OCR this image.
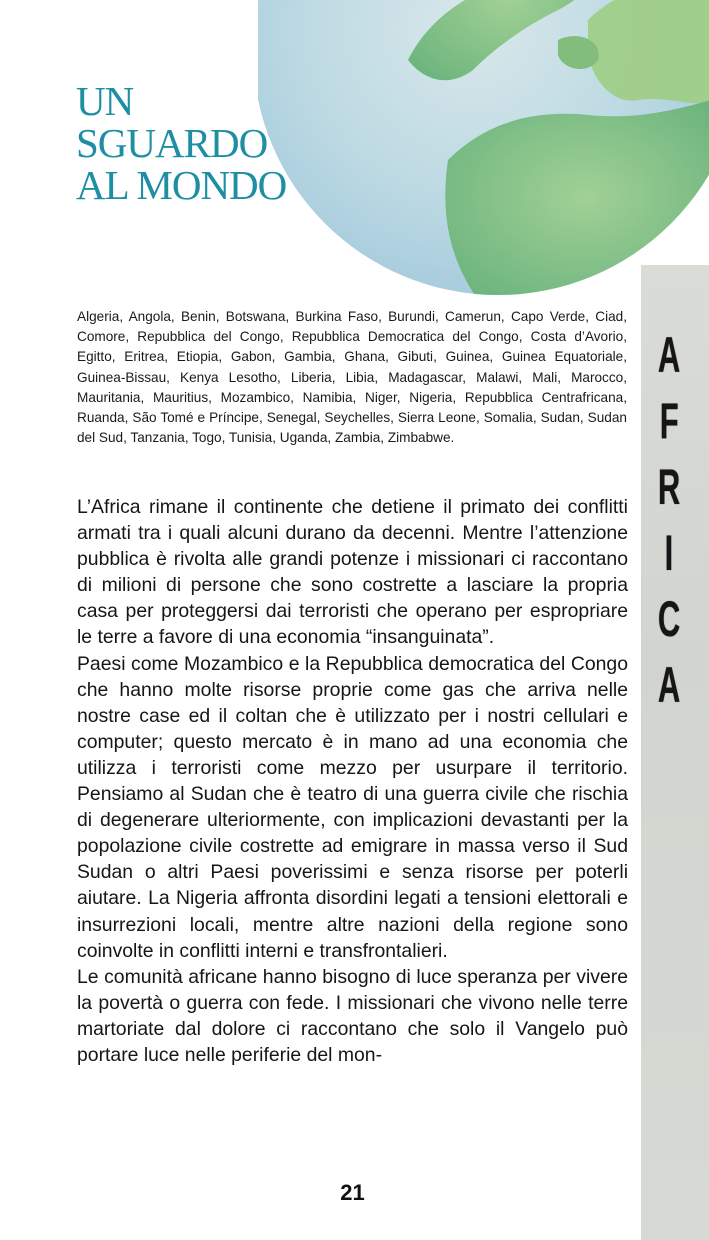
A
F
R
I
C
A
UN
SGUARDO
AL MONDO

Algeria, Angola, Benin, Botswana, Burkina Faso, Burundi, Camerun, Capo Verde, Ciad, Comore, Repubblica del Congo, Repubblica Democratica del Congo, Costa d’Avorio, Egitto, Eritrea, Etiopia, Gabon, Gambia, Ghana, Gibuti, Guinea, Guinea Equatoriale, Guinea-Bissau, Kenya Lesotho, Liberia, Libia, Madagascar, Malawi, Mali, Marocco, Mauritania, Mauritius, Mozambico, Namibia, Niger, Nigeria, Repubblica Centrafricana, Ruanda, São Tomé e Príncipe, Senegal, Seychelles, Sierra Leone, Somalia, Sudan, Sudan del Sud, Tanzania, Togo, Tunisia, Uganda, Zambia, Zimbabwe.

L’Africa rimane il continente che detiene il primato dei conflitti armati tra i quali alcuni durano da decenni. Mentre l’attenzione pubblica è rivolta alle grandi potenze i missionari ci raccontano di milioni di persone che sono costrette a lasciare la propria casa per proteggersi dai terroristi che operano per espropriare le terre a favore di una economia “insanguinata”.

Paesi come Mozambico e la Repubblica democratica del Congo che hanno molte risorse proprie come gas che arriva nelle nostre case ed il coltan che è utilizzato per i nostri cellulari e computer; questo mercato è in mano ad una economia che utilizza i terroristi come mezzo per usurpare il territorio. Pensiamo al Sudan che è teatro di una guerra civile che rischia di degenerare ulteriormente, con implicazioni devastanti per la popolazione civile costrette ad emigrare in massa verso il Sud Sudan o altri Paesi poverissimi e senza risorse per poterli aiutare. La Nigeria affronta disordini legati a tensioni elettorali e insurrezioni locali, mentre altre nazioni della regione sono coinvolte in conflitti interni e transfrontalieri.

Le comunità africane hanno bisogno di luce speranza per vivere la povertà o guerra con fede. I missionari che vivono nelle terre martoriate dal dolore ci raccontano che solo il Vangelo può portare luce nelle periferie del mon-

21
